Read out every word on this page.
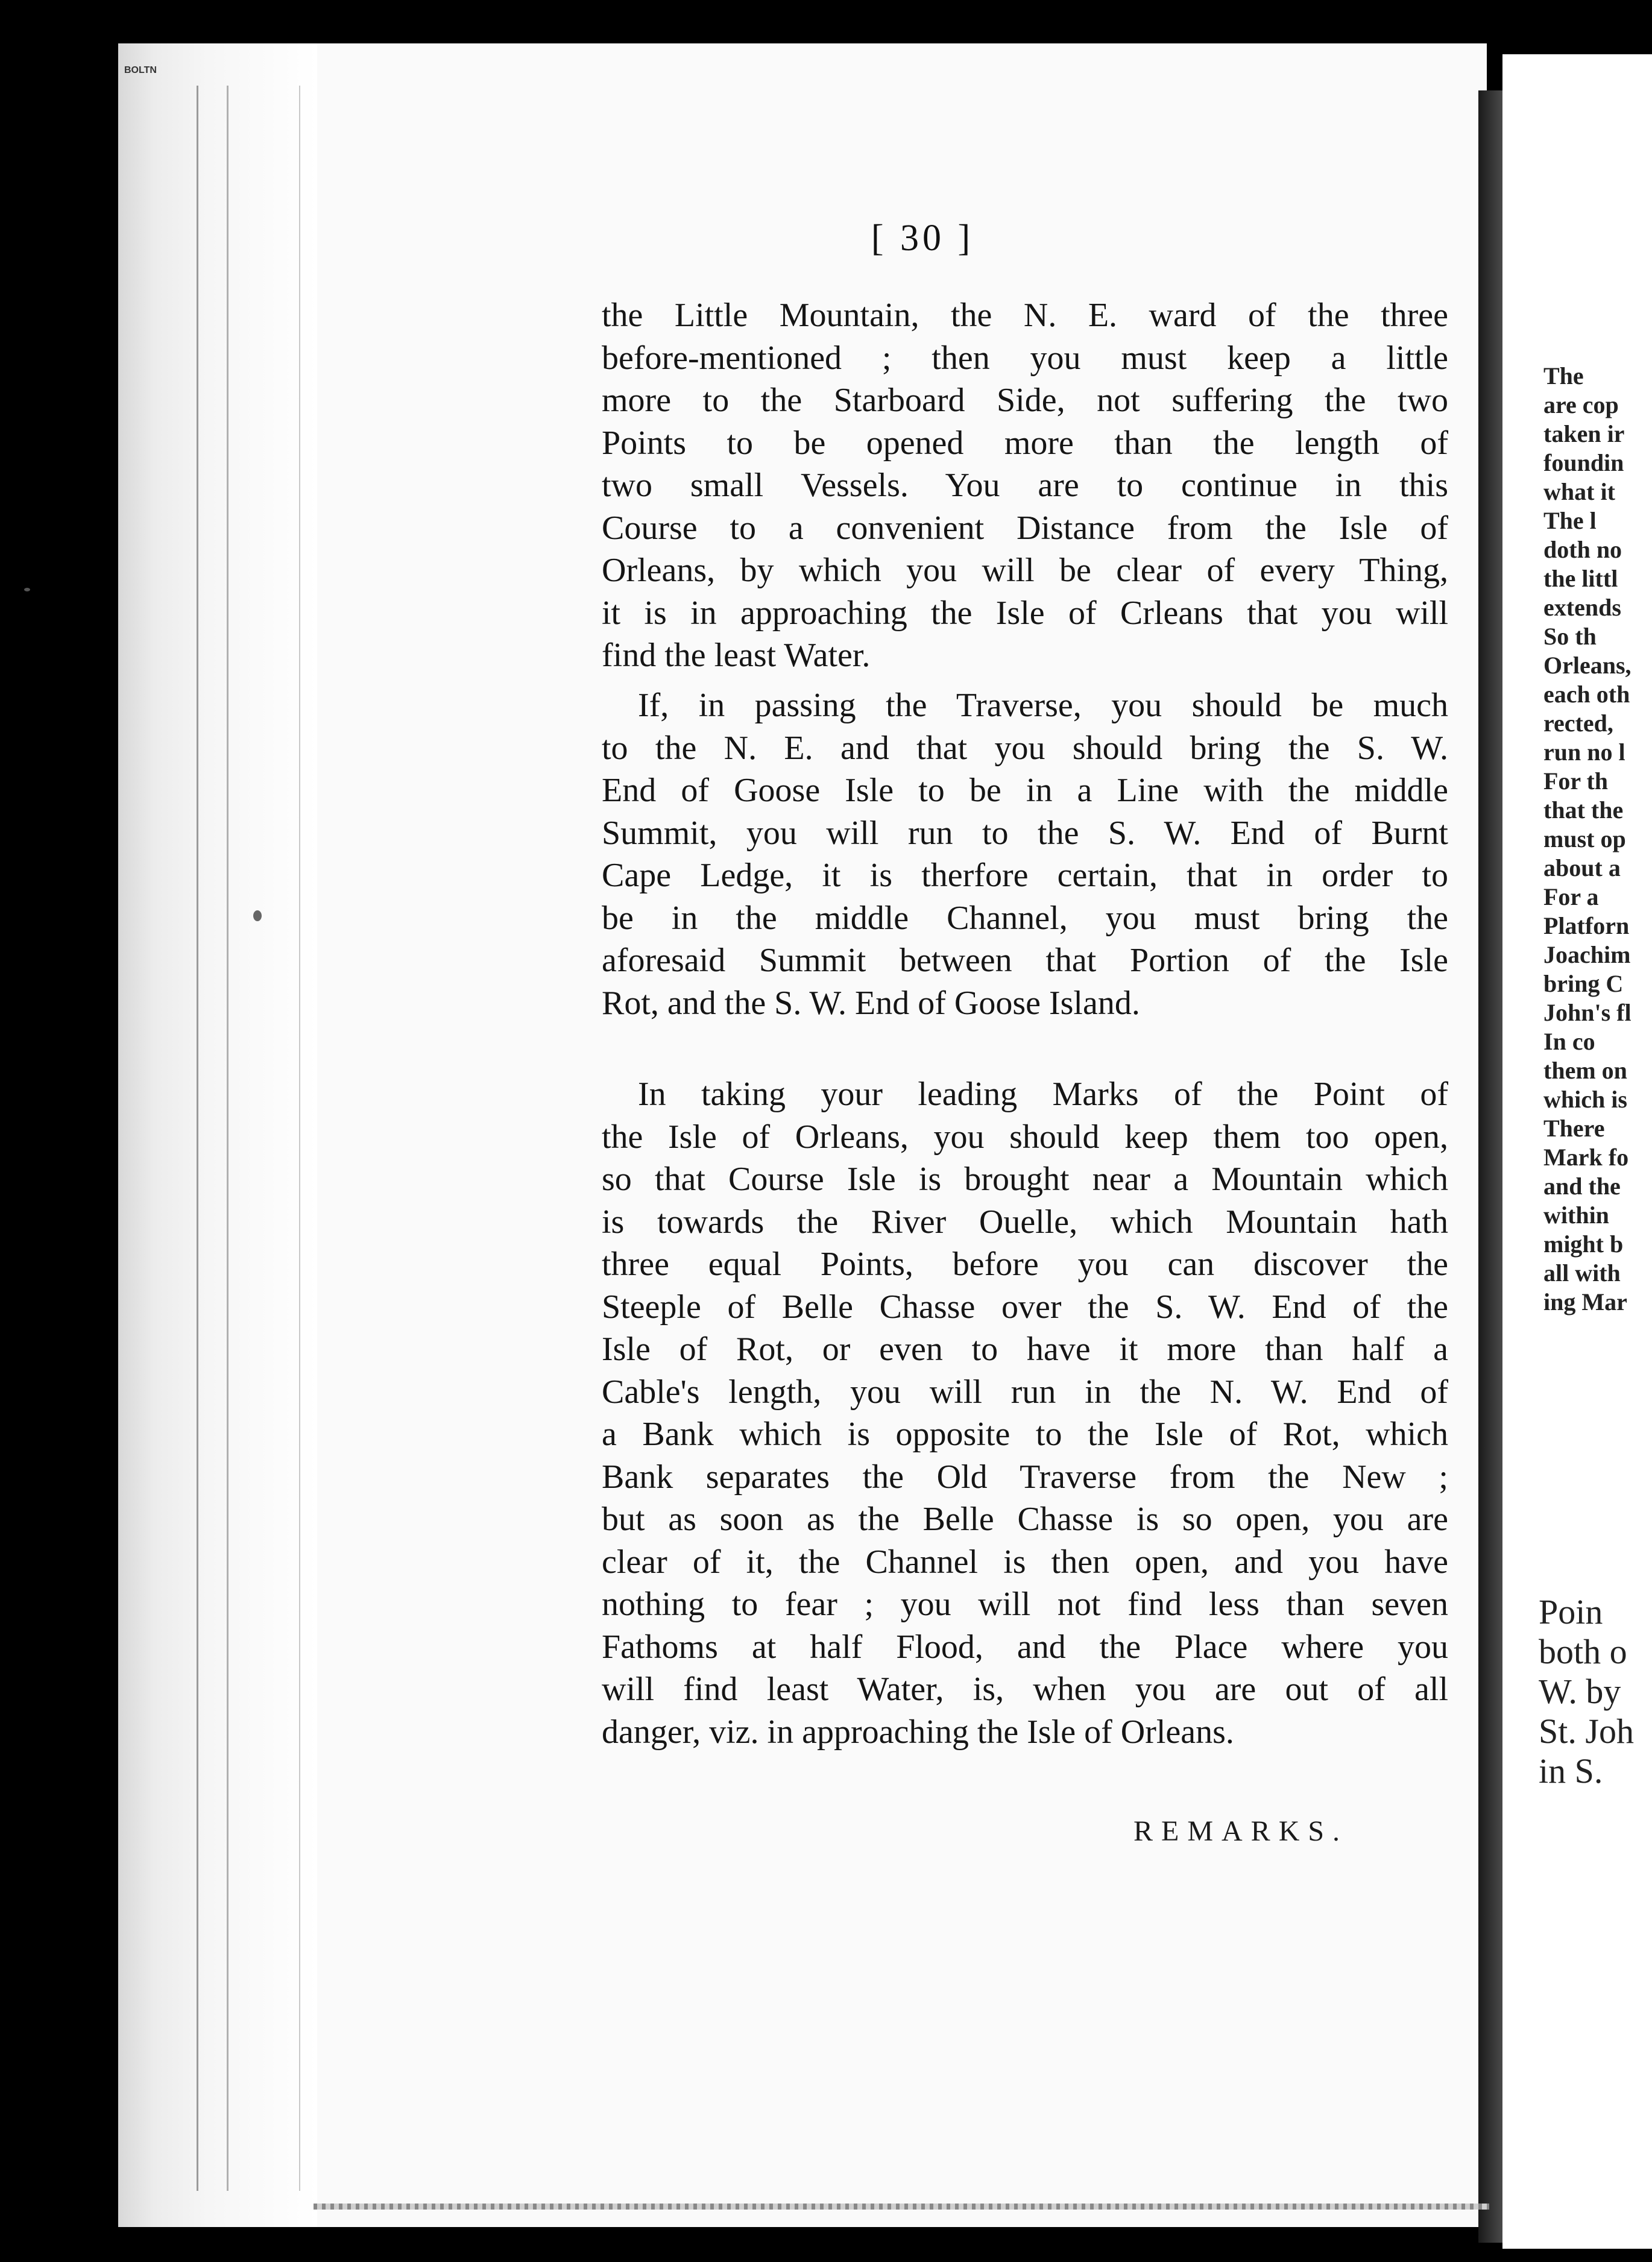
BOLTN
[ 30 ]
the Little Mountain, the N. E. ward of the three
before-mentioned ; then you must keep a little
more to the Starboard Side, not suffering the two
Points to be opened more than the length of
two small Vessels. You are to continue in this
Course to a convenient Distance from the Isle of
Orleans, by which you will be clear of every Thing,
it is in approaching the Isle of Crleans that you will
find the least Water.
If, in passing the Traverse, you should be much
to the N. E. and that you should bring the S. W.
End of Goose Isle to be in a Line with the middle
Summit, you will run to the S. W. End of Burnt
Cape Ledge, it is therfore certain, that in order to
be in the middle Channel, you must bring the
aforesaid Summit between that Portion of the Isle
Rot, and the S. W. End of Goose Island.
In taking your leading Marks of the Point of
the Isle of Orleans, you should keep them too open,
so that Course Isle is brought near a Mountain which
is towards the River Ouelle, which Mountain hath
three equal Points, before you can discover the
Steeple of Belle Chasse over the S. W. End of the
Isle of Rot, or even to have it more than half a
Cable's length, you will run in the N. W. End of
a Bank which is opposite to the Isle of Rot, which
Bank separates the Old Traverse from the New ;
but as soon as the Belle Chasse is so open, you are
clear of it, the Channel is then open, and you have
nothing to fear ; you will not find less than seven
Fathoms at half Flood, and the Place where you
will find least Water, is, when you are out of all
danger, viz. in approaching the Isle of Orleans.
REMARKS.
The
are cop
taken ir
foundin
what it
The l
doth no
the littl
extends
So th
Orleans,
each oth
rected,
run no l
For th
that the
must op
about a
For a
Platforn
Joachim
bring C
John's fl
In co
them on
which is
There
Mark fo
and the
within
might b
all with
ing Mar
Poin
both o
W. by
St. Joh
in S.
